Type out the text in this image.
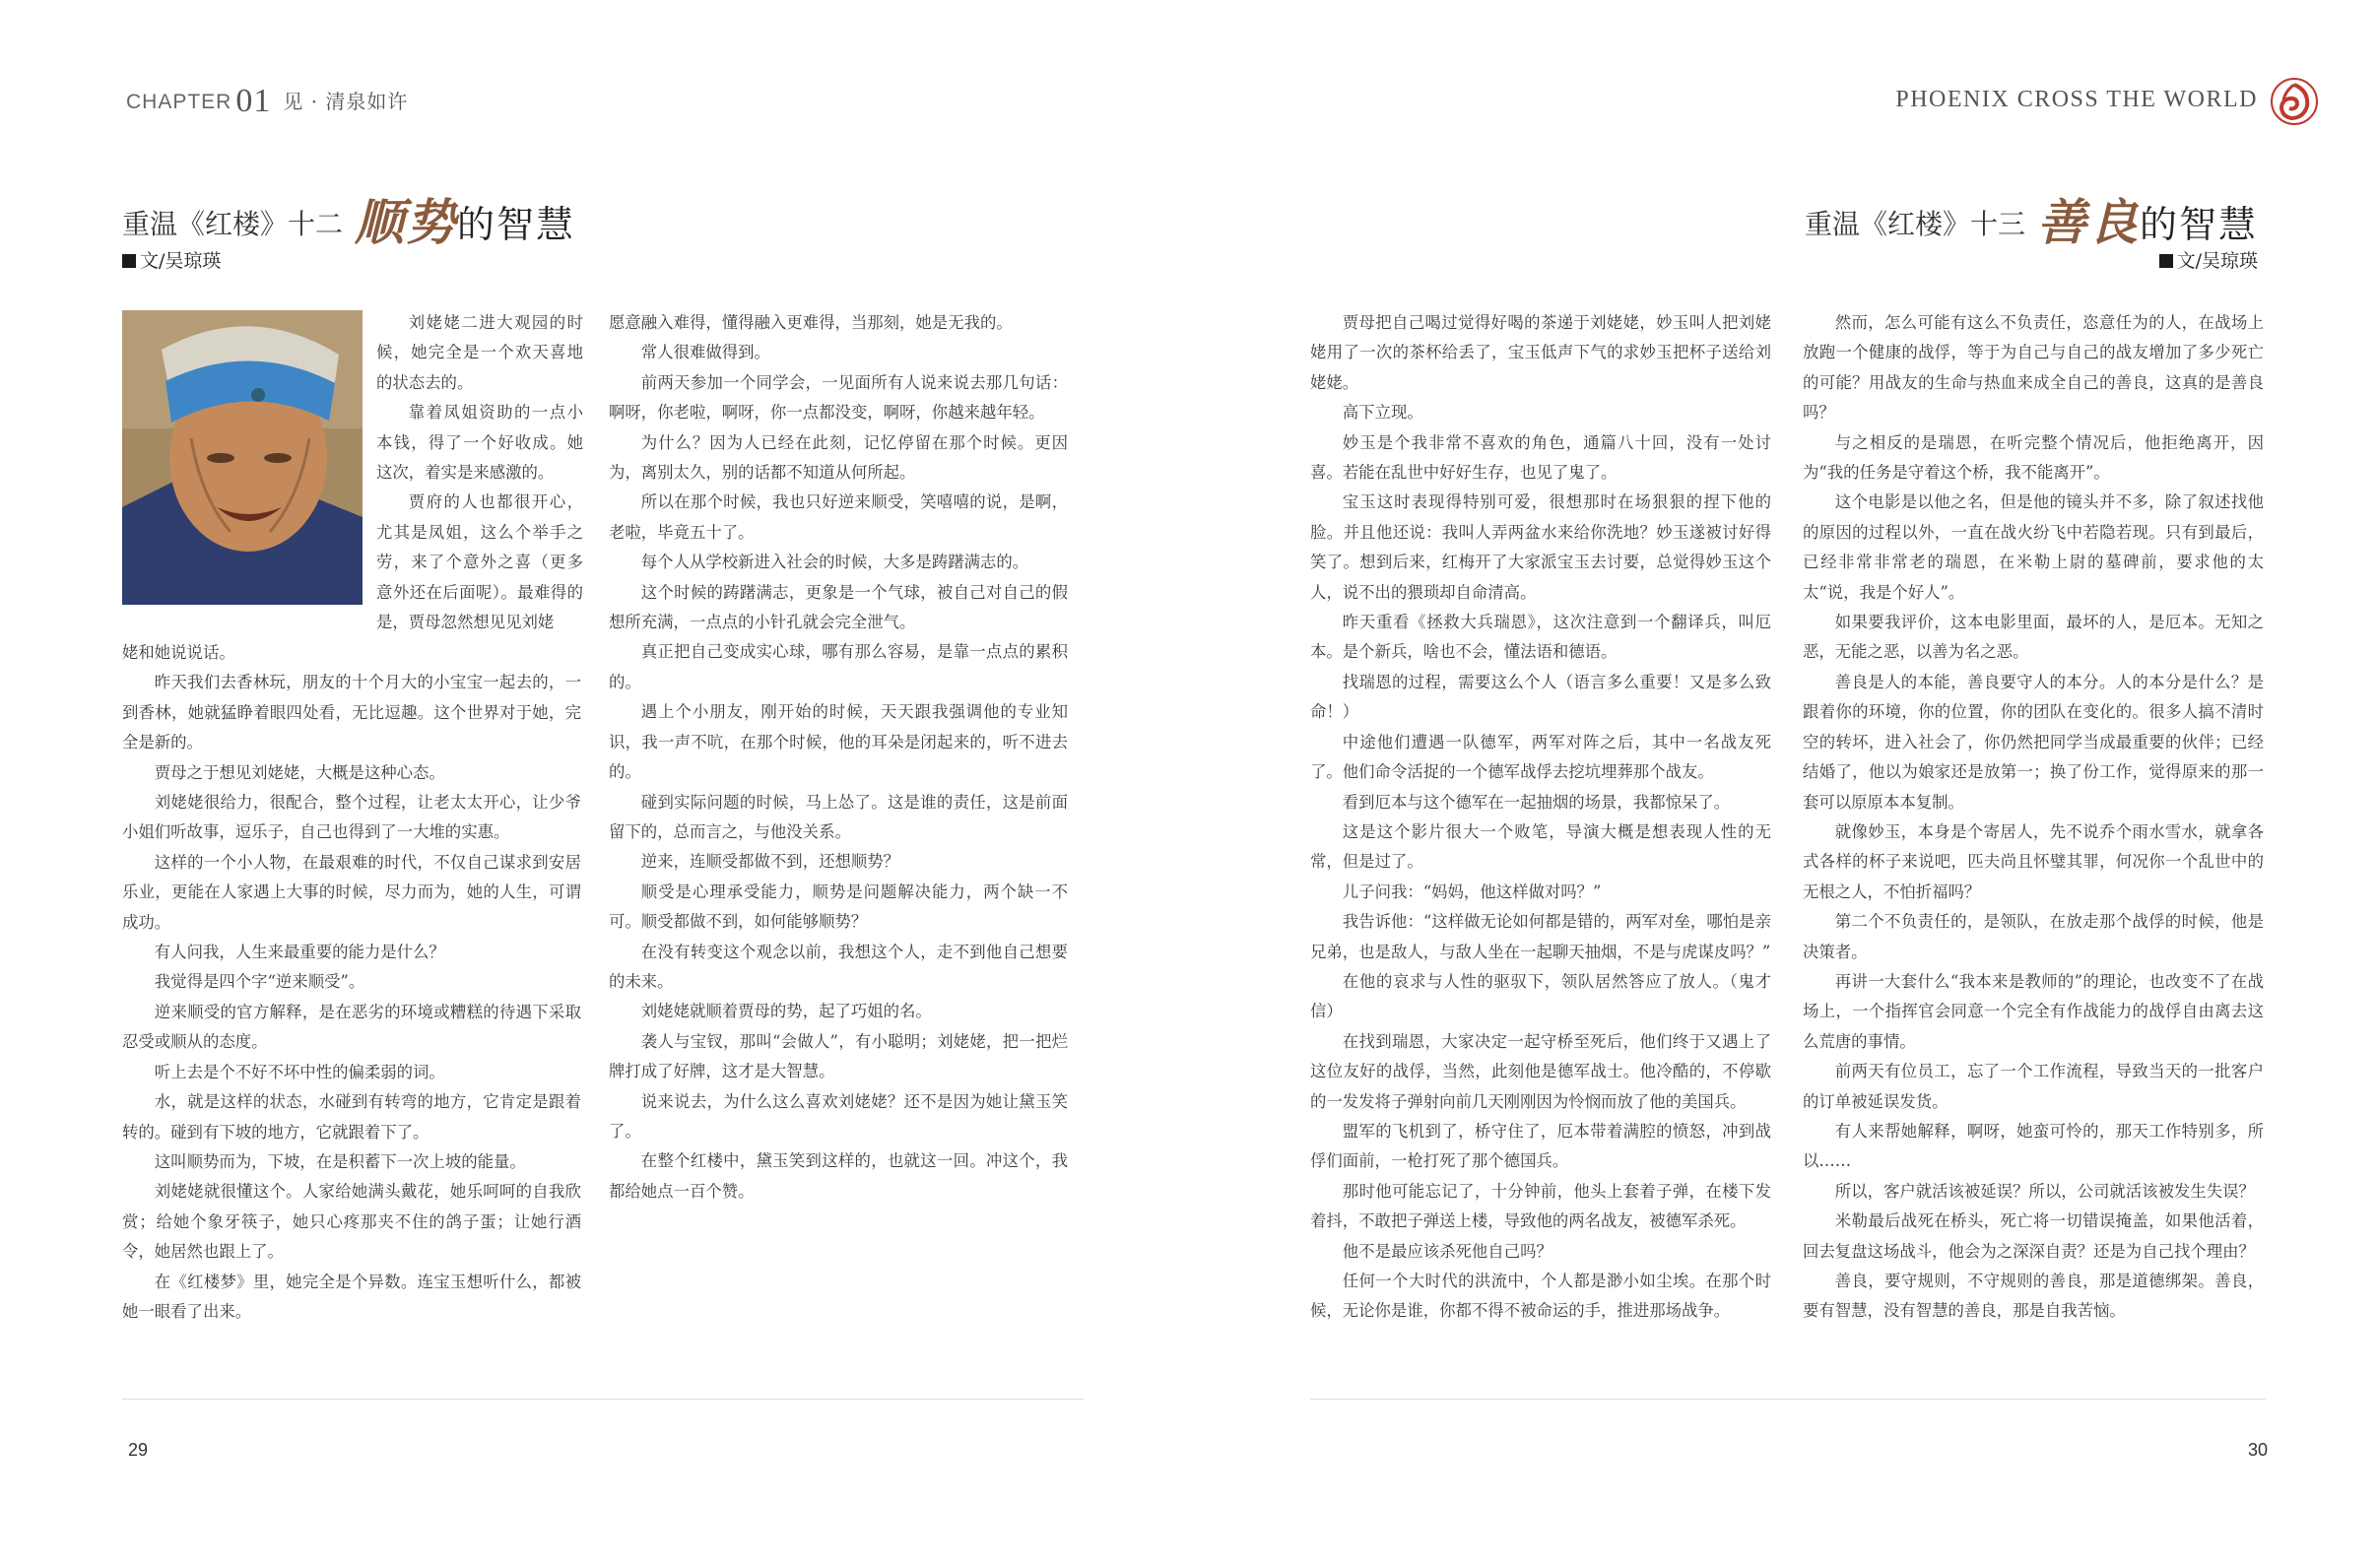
CHAPTER 01 见 · 清泉如许
重温《红楼》十二 顺势的智慧
文/吴琼瑛

刘姥姥二进大观园的时候，她完全是一个欢天喜地的状态去的。

靠着凤姐资助的一点小本钱，得了一个好收成。她这次，着实是来感激的。

贾府的人也都很开心，尤其是凤姐，这么个举手之劳，来了个意外之喜（更多意外还在后面呢）。最难得的是，贾母忽然想见见刘姥

姥和她说说话。

昨天我们去香林玩，朋友的十个月大的小宝宝一起去的，一到香林，她就猛睁着眼四处看，无比逗趣。这个世界对于她，完全是新的。

贾母之于想见刘姥姥，大概是这种心态。

刘姥姥很给力，很配合，整个过程，让老太太开心，让少爷小姐们听故事，逗乐子，自己也得到了一大堆的实惠。

这样的一个小人物，在最艰难的时代，不仅自己谋求到安居乐业，更能在人家遇上大事的时候，尽力而为，她的人生，可谓成功。

有人问我，人生来最重要的能力是什么？

我觉得是四个字“逆来顺受”。

逆来顺受的官方解释，是在恶劣的环境或糟糕的待遇下采取忍受或顺从的态度。

听上去是个不好不坏中性的偏柔弱的词。

水，就是这样的状态，水碰到有转弯的地方，它肯定是跟着转的。碰到有下坡的地方，它就跟着下了。

这叫顺势而为，下坡，在是积蓄下一次上坡的能量。

刘姥姥就很懂这个。人家给她满头戴花，她乐呵呵的自我欣赏；给她个象牙筷子，她只心疼那夹不住的鸽子蛋；让她行酒令，她居然也跟上了。

在《红楼梦》里，她完全是个异数。连宝玉想听什么，都被她一眼看了出来。

愿意融入难得，懂得融入更难得，当那刻，她是无我的。

常人很难做得到。

前两天参加一个同学会，一见面所有人说来说去那几句话：啊呀，你老啦，啊呀，你一点都没变，啊呀，你越来越年轻。

为什么？因为人已经在此刻，记忆停留在那个时候。更因为，离别太久，别的话都不知道从何所起。

所以在那个时候，我也只好逆来顺受，笑嘻嘻的说，是啊，老啦，毕竟五十了。

每个人从学校新进入社会的时候，大多是踌躇满志的。

这个时候的踌躇满志，更象是一个气球，被自己对自己的假想所充满，一点点的小针孔就会完全泄气。

真正把自己变成实心球，哪有那么容易，是靠一点点的累积的。

遇上个小朋友，刚开始的时候，天天跟我强调他的专业知识，我一声不吭，在那个时候，他的耳朵是闭起来的，听不进去的。

碰到实际问题的时候，马上怂了。这是谁的责任，这是前面留下的，总而言之，与他没关系。

逆来，连顺受都做不到，还想顺势？

顺受是心理承受能力，顺势是问题解决能力，两个缺一不可。顺受都做不到，如何能够顺势？

在没有转变这个观念以前，我想这个人，走不到他自己想要的未来。

刘姥姥就顺着贾母的势，起了巧姐的名。

袭人与宝钗，那叫“会做人”，有小聪明；刘姥姥，把一把烂牌打成了好牌，这才是大智慧。

说来说去，为什么这么喜欢刘姥姥？还不是因为她让黛玉笑了。

在整个红楼中，黛玉笑到这样的，也就这一回。冲这个，我都给她点一百个赞。

29
PHOENIX CROSS THE WORLD
重温《红楼》十三 善良的智慧
文/吴琼瑛

贾母把自己喝过觉得好喝的茶递于刘姥姥，妙玉叫人把刘姥姥用了一次的茶杯给丢了，宝玉低声下气的求妙玉把杯子送给刘姥姥。

高下立现。

妙玉是个我非常不喜欢的角色，通篇八十回，没有一处讨喜。若能在乱世中好好生存，也见了鬼了。

宝玉这时表现得特别可爱，很想那时在场狠狠的捏下他的脸。并且他还说：我叫人弄两盆水来给你洗地？妙玉遂被讨好得笑了。想到后来，红梅开了大家派宝玉去讨要，总觉得妙玉这个人，说不出的猥琐却自命清高。

昨天重看《拯救大兵瑞恩》，这次注意到一个翻译兵，叫厄本。是个新兵，啥也不会，懂法语和德语。

找瑞恩的过程，需要这么个人（语言多么重要！又是多么致命！）

中途他们遭遇一队德军，两军对阵之后，其中一名战友死了。他们命令活捉的一个德军战俘去挖坑埋葬那个战友。

看到厄本与这个德军在一起抽烟的场景，我都惊呆了。

这是这个影片很大一个败笔，导演大概是想表现人性的无常，但是过了。

儿子问我：“妈妈，他这样做对吗？”

我告诉他：“这样做无论如何都是错的，两军对垒，哪怕是亲兄弟，也是敌人，与敌人坐在一起聊天抽烟，不是与虎谋皮吗？”

在他的哀求与人性的驱驭下，领队居然答应了放人。（鬼才信）

在找到瑞恩，大家决定一起守桥至死后，他们终于又遇上了这位友好的战俘，当然，此刻他是德军战士。他冷酷的，不停歇的一发发将子弹射向前几天刚刚因为怜悯而放了他的美国兵。

盟军的飞机到了，桥守住了，厄本带着满腔的愤怒，冲到战俘们面前，一枪打死了那个德国兵。

那时他可能忘记了，十分钟前，他头上套着子弹，在楼下发着抖，不敢把子弹送上楼，导致他的两名战友，被德军杀死。

他不是最应该杀死他自己吗？

任何一个大时代的洪流中，个人都是渺小如尘埃。在那个时候，无论你是谁，你都不得不被命运的手，推进那场战争。

然而，怎么可能有这么不负责任，恣意任为的人，在战场上放跑一个健康的战俘，等于为自己与自己的战友增加了多少死亡的可能？用战友的生命与热血来成全自己的善良，这真的是善良吗？

与之相反的是瑞恩，在听完整个情况后，他拒绝离开，因为“我的任务是守着这个桥，我不能离开”。

这个电影是以他之名，但是他的镜头并不多，除了叙述找他的原因的过程以外，一直在战火纷飞中若隐若现。只有到最后，已经非常非常老的瑞恩，在米勒上尉的墓碑前，要求他的太太“说，我是个好人”。

如果要我评价，这本电影里面，最坏的人，是厄本。无知之恶，无能之恶，以善为名之恶。

善良是人的本能，善良要守人的本分。人的本分是什么？是跟着你的环境，你的位置，你的团队在变化的。很多人搞不清时空的转坏，进入社会了，你仍然把同学当成最重要的伙伴；已经结婚了，他以为娘家还是放第一；换了份工作，觉得原来的那一套可以原原本本复制。

就像妙玉，本身是个寄居人，先不说乔个雨水雪水，就拿各式各样的杯子来说吧，匹夫尚且怀璧其罪，何况你一个乱世中的无根之人，不怕折福吗？

第二个不负责任的，是领队，在放走那个战俘的时候，他是决策者。

再讲一大套什么“我本来是教师的”的理论，也改变不了在战场上，一个指挥官会同意一个完全有作战能力的战俘自由离去这么荒唐的事情。

前两天有位员工，忘了一个工作流程，导致当天的一批客户的订单被延误发货。

有人来帮她解释，啊呀，她蛮可怜的，那天工作特别多，所以……

所以，客户就活该被延误？所以，公司就活该被发生失误？

米勒最后战死在桥头，死亡将一切错误掩盖，如果他活着，回去复盘这场战斗，他会为之深深自责？还是为自己找个理由？

善良，要守规则，不守规则的善良，那是道德绑架。善良，要有智慧，没有智慧的善良，那是自我苦恼。

30
